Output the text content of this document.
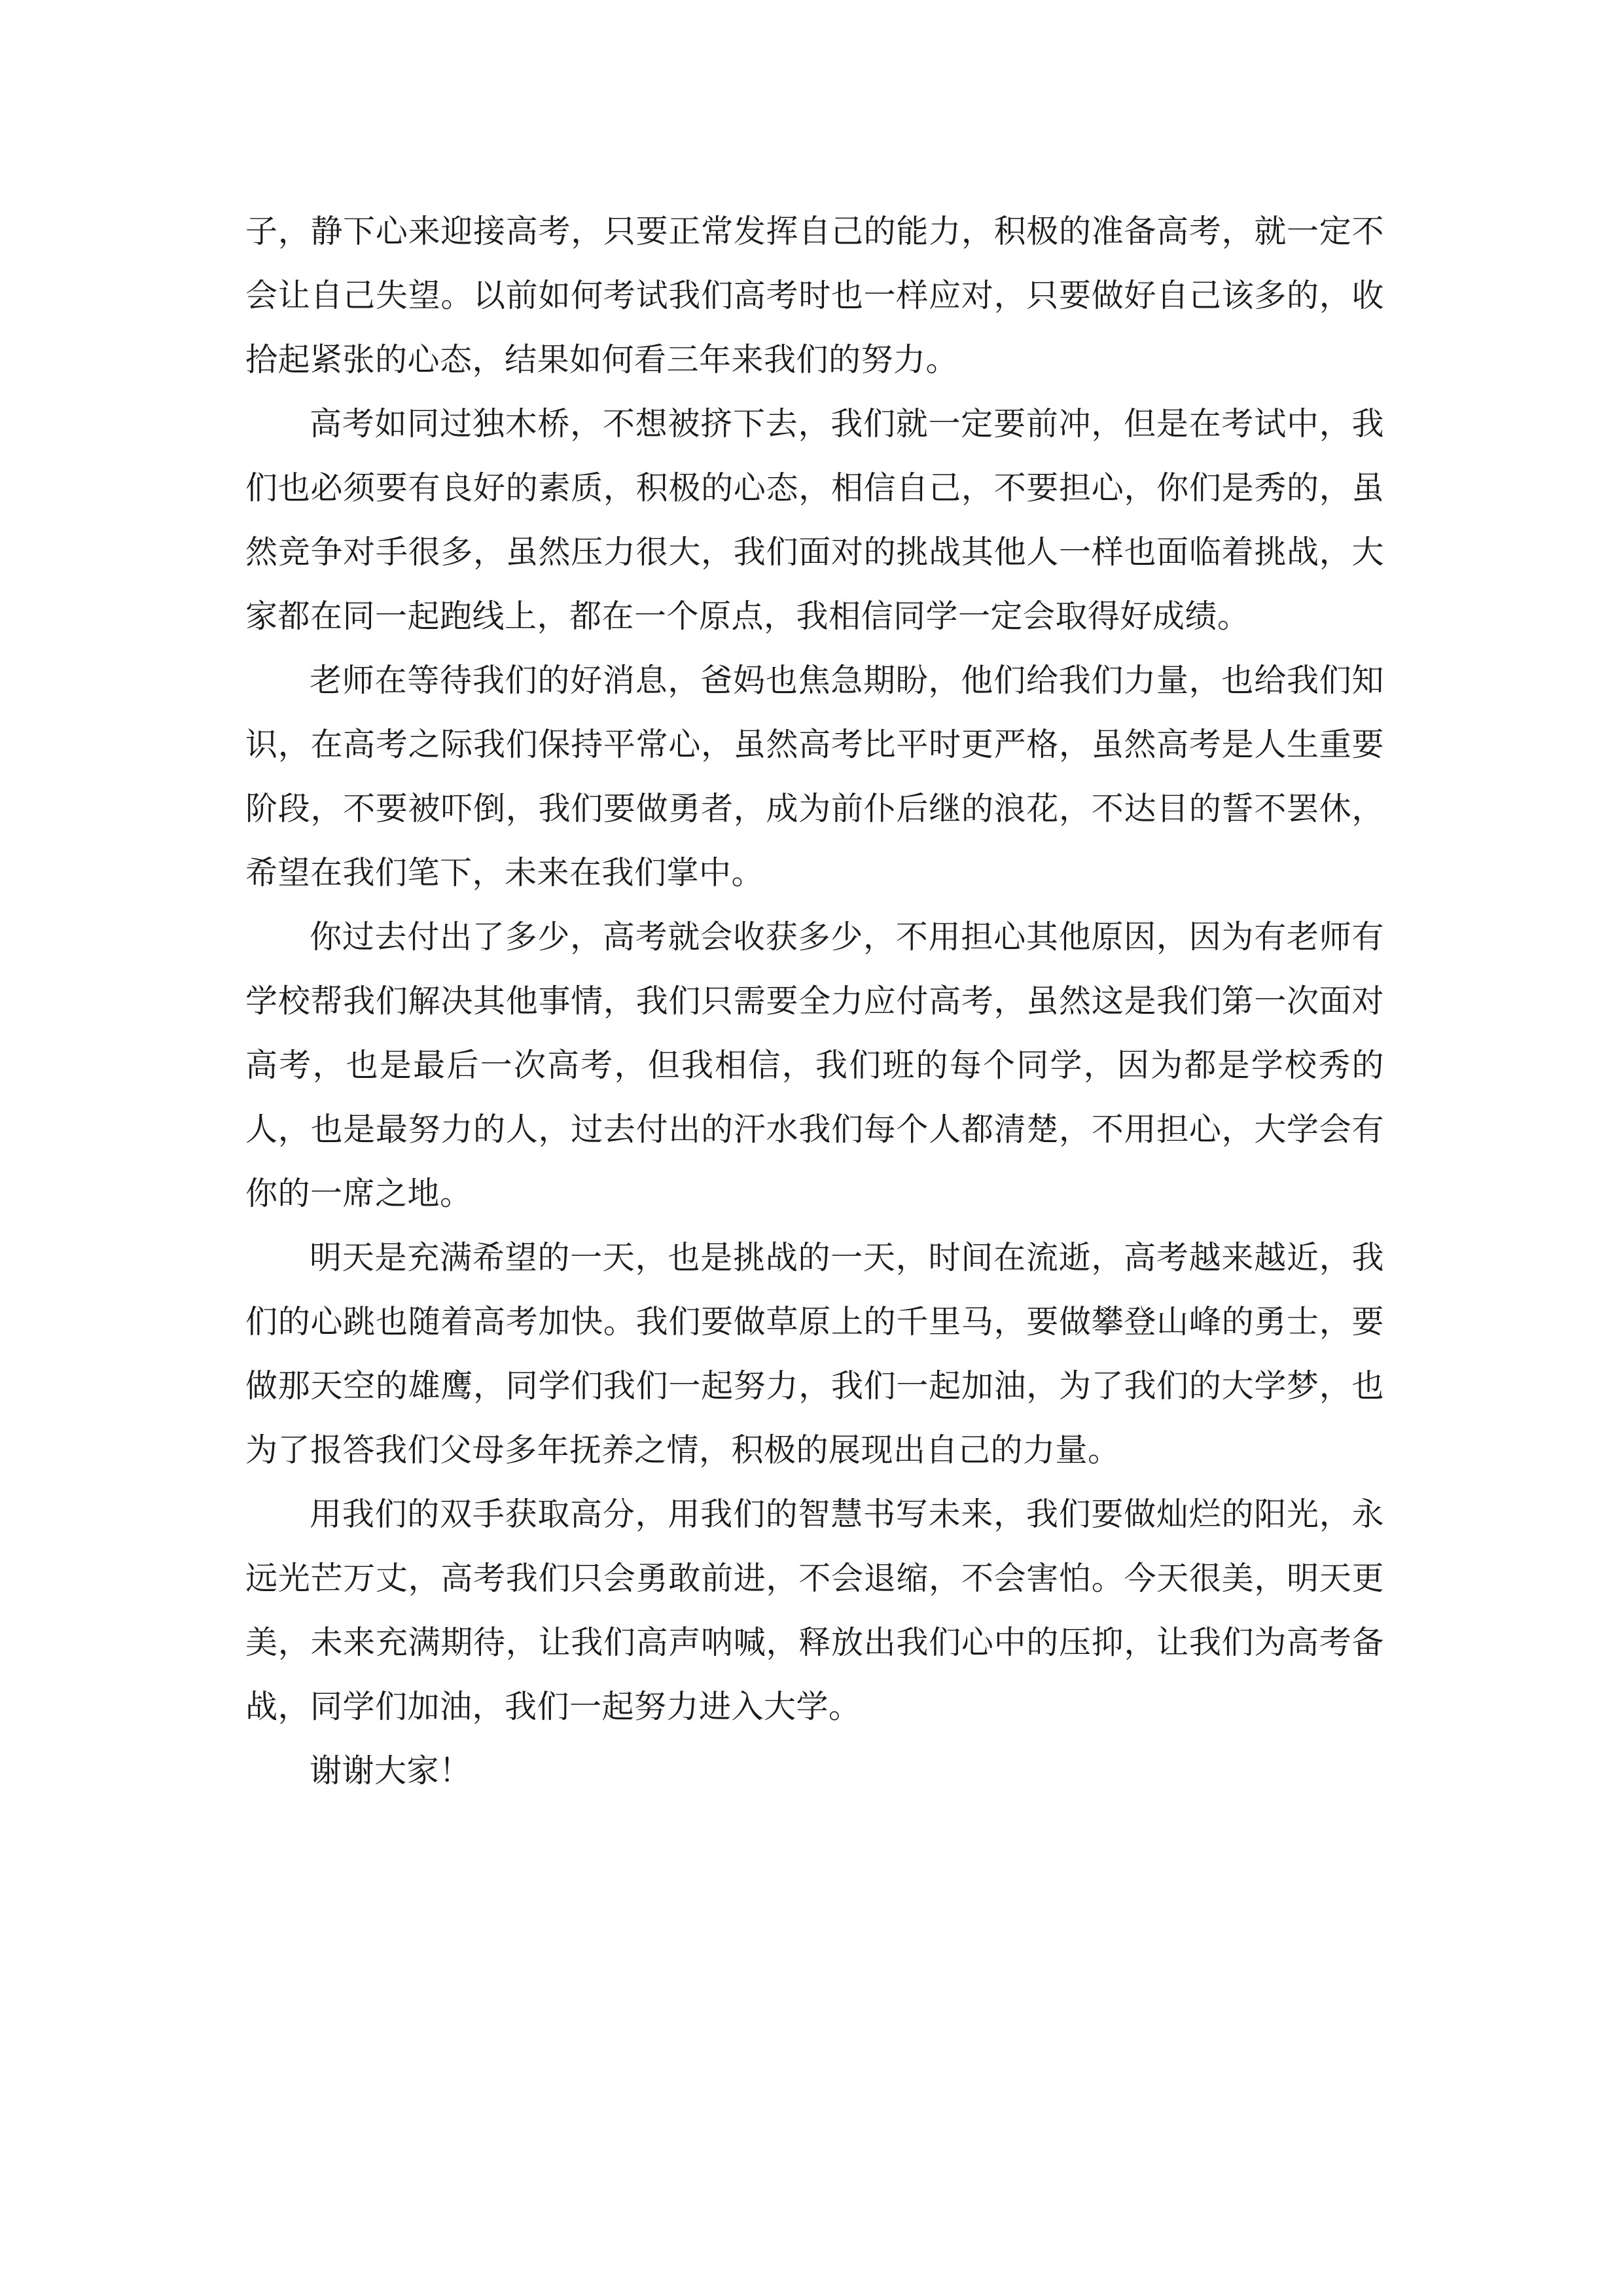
子，静下心来迎接高考，只要正常发挥自己的能力，积极的准备高考，就一定不会让自己失望。以前如何考试我们高考时也一样应对，只要做好自己该多的，收拾起紧张的心态，结果如何看三年来我们的努力。

高考如同过独木桥，不想被挤下去，我们就一定要前冲，但是在考试中，我们也必须要有良好的素质，积极的心态，相信自己，不要担心，你们是秀的，虽然竞争对手很多，虽然压力很大，我们面对的挑战其他人一样也面临着挑战，大家都在同一起跑线上，都在一个原点，我相信同学一定会取得好成绩。

老师在等待我们的好消息，爸妈也焦急期盼，他们给我们力量，也给我们知识，在高考之际我们保持平常心，虽然高考比平时更严格，虽然高考是人生重要阶段，不要被吓倒，我们要做勇者，成为前仆后继的浪花，不达目的誓不罢休，希望在我们笔下，未来在我们掌中。

你过去付出了多少，高考就会收获多少，不用担心其他原因，因为有老师有学校帮我们解决其他事情，我们只需要全力应付高考，虽然这是我们第一次面对高考，也是最后一次高考，但我相信，我们班的每个同学，因为都是学校秀的人，也是最努力的人，过去付出的汗水我们每个人都清楚，不用担心，大学会有你的一席之地。

明天是充满希望的一天，也是挑战的一天，时间在流逝，高考越来越近，我们的心跳也随着高考加快。我们要做草原上的千里马，要做攀登山峰的勇士，要做那天空的雄鹰，同学们我们一起努力，我们一起加油，为了我们的大学梦，也为了报答我们父母多年抚养之情，积极的展现出自己的力量。

用我们的双手获取高分，用我们的智慧书写未来，我们要做灿烂的阳光，永远光芒万丈，高考我们只会勇敢前进，不会退缩，不会害怕。今天很美，明天更美，未来充满期待，让我们高声呐喊，释放出我们心中的压抑，让我们为高考备战，同学们加油，我们一起努力进入大学。

谢谢大家！
